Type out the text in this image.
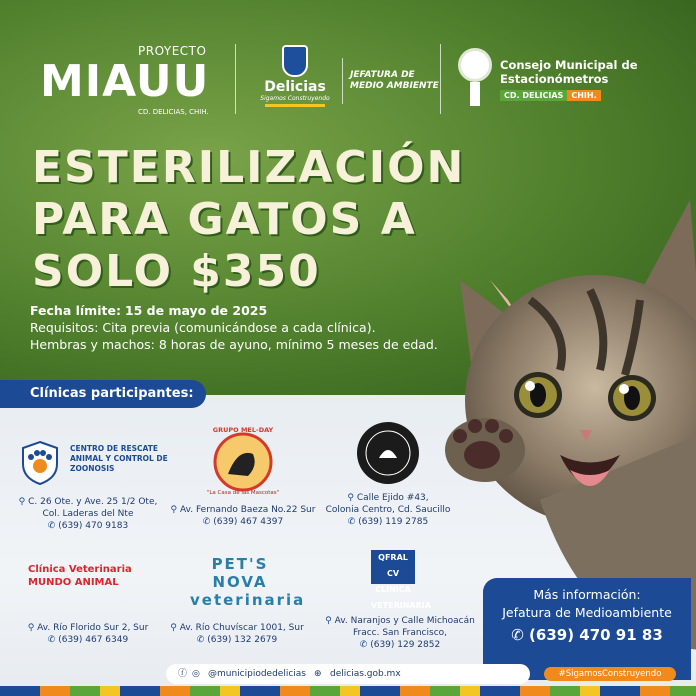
PROYECTO
MIAUU
CD. DELICIAS, CHIH.
Delicias
Sigamos Construyendo
JEFATURA DE
MEDIO AMBIENTE
Consejo Municipal de
Estacionómetros
CD. DELICIAS CHIH.
ESTERILIZACIÓN
PARA GATOS A
SOLO $350
Fecha límite: 15 de mayo de 2025
Requisitos: Cita previa (comunicándose a cada clínica).
Hembras y machos: 8 horas de ayuno, mínimo 5 meses de edad.
Clínicas participantes:
CENTRO DE RESCATE ANIMAL Y CONTROL DE ZOONOSIS
⚲ C. 26 Ote. y Ave. 25 1/2 Ote,
Col. Laderas del Nte
✆ (639) 470 9183
GRUPO MEL-DAY
"La Casa de las Mascotas"
⚲ Av. Fernando Baeza No.22 Sur
✆ (639) 467 4397
⚲ Calle Ejido #43,
Colonia Centro, Cd. Saucillo
✆ (639) 119 2785
Clínica Veterinaria MUNDO ANIMAL
⚲ Av. Río Florido Sur 2, Sur
✆ (639) 467 6349
PET'S NOVA veterinaria
⚲ Av. Río Chuvíscar 1001, Sur
✆ (639) 132 2679
QFRAL CV CLINICA VETERINARIA
⚲ Av. Naranjos y Calle Michoacán
Fracc. San Francisco,
✆ (639) 129 2852
Más información:
Jefatura de Medioambiente
✆ (639) 470 91 83
ⓕ ◎ @municipiodedelicias ⊕ delicias.gob.mx	#SigamosConstruyendo
